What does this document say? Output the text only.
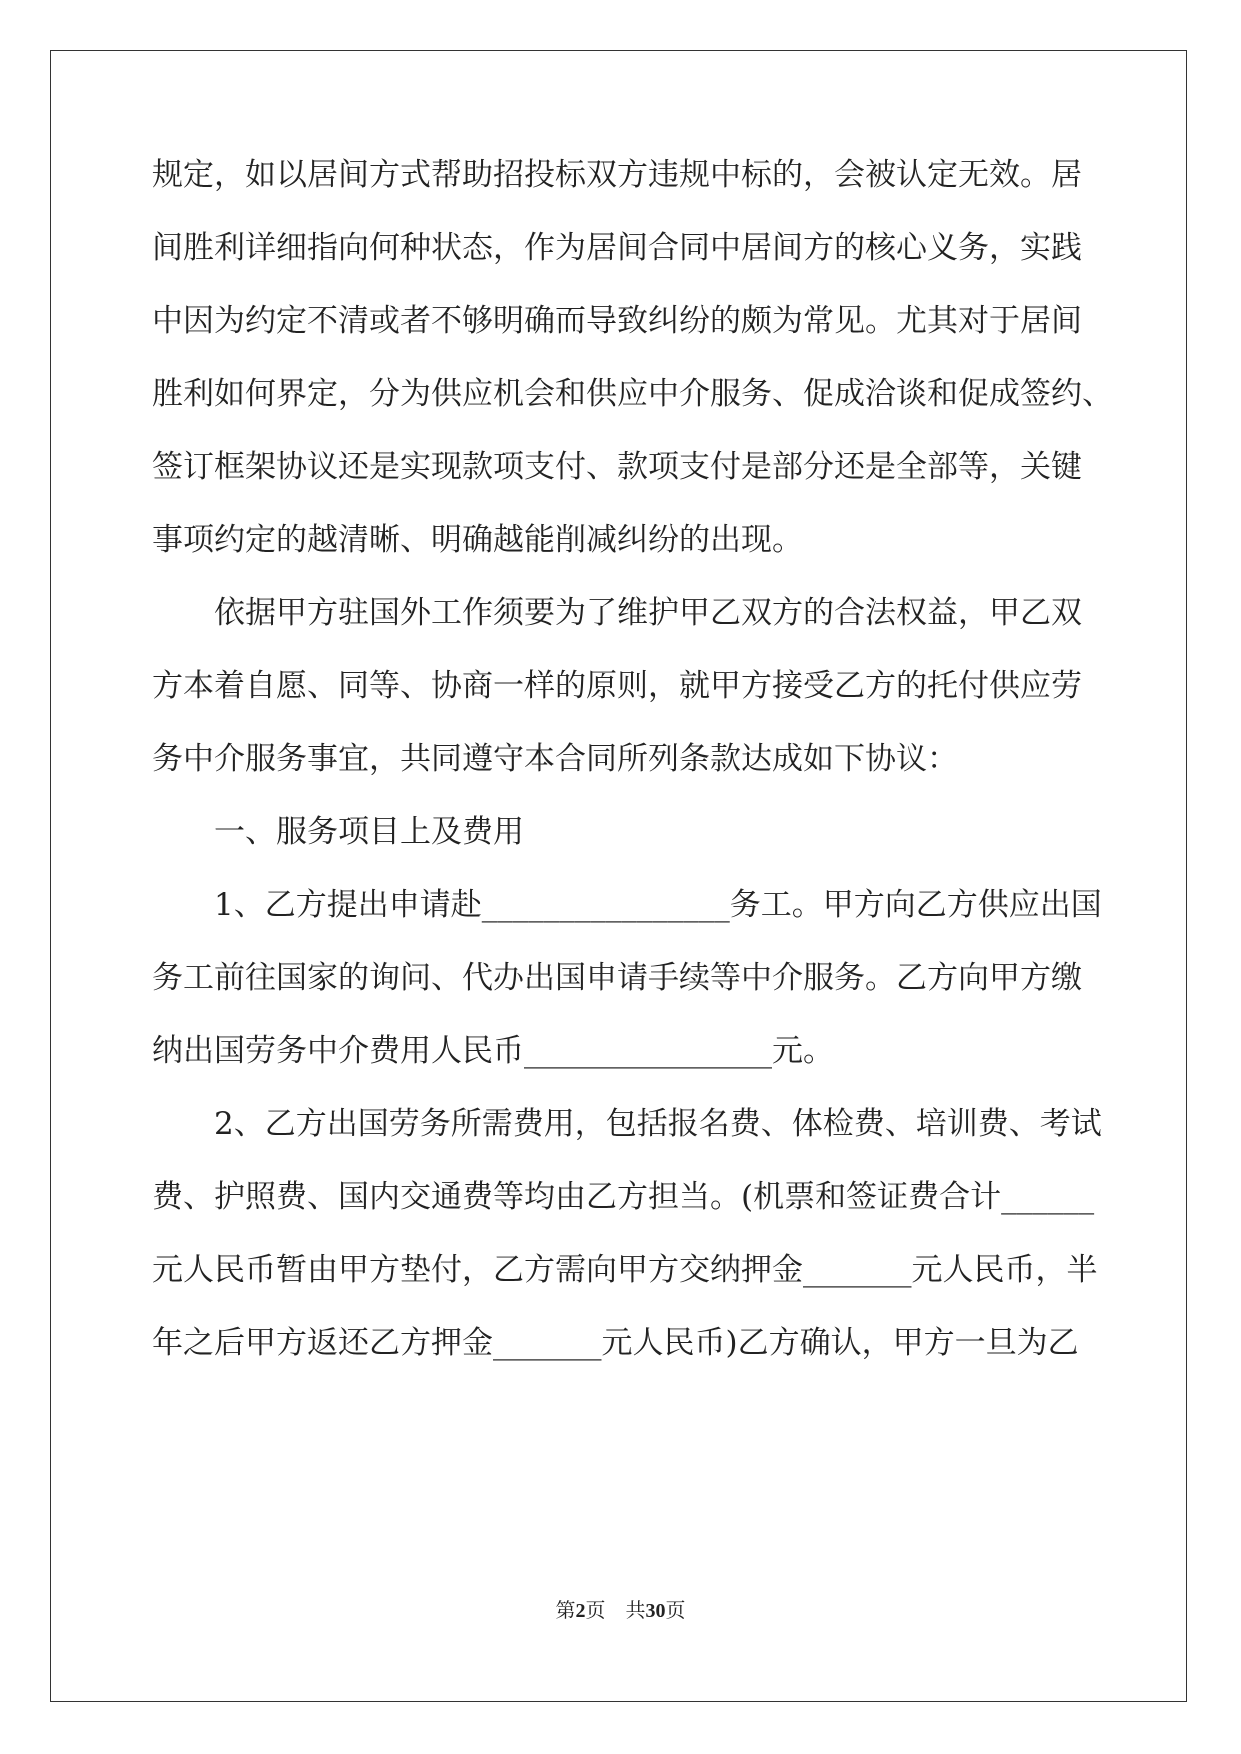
规定，如以居间方式帮助招投标双方违规中标的，会被认定无效。居
间胜利详细指向何种状态，作为居间合同中居间方的核心义务，实践
中因为约定不清或者不够明确而导致纠纷的颇为常见。尤其对于居间
胜利如何界定，分为供应机会和供应中介服务、促成洽谈和促成签约、
签订框架协议还是实现款项支付、款项支付是部分还是全部等，关键
事项约定的越清晰、明确越能削减纠纷的出现。
依据甲方驻国外工作须要为了维护甲乙双方的合法权益，甲乙双
方本着自愿、同等、协商一样的原则，就甲方接受乙方的托付供应劳
务中介服务事宜，共同遵守本合同所列条款达成如下协议：
一、服务项目上及费用
1、乙方提出申请赴________________务工。甲方向乙方供应出国
务工前往国家的询问、代办出国申请手续等中介服务。乙方向甲方缴
纳出国劳务中介费用人民币________________元。
2、乙方出国劳务所需费用，包括报名费、体检费、培训费、考试
费、护照费、国内交通费等均由乙方担当。(机票和签证费合计______
元人民币暂由甲方垫付，乙方需向甲方交纳押金_______元人民币，半
年之后甲方返还乙方押金_______元人民币)乙方确认，甲方一旦为乙
第2页 共30页
